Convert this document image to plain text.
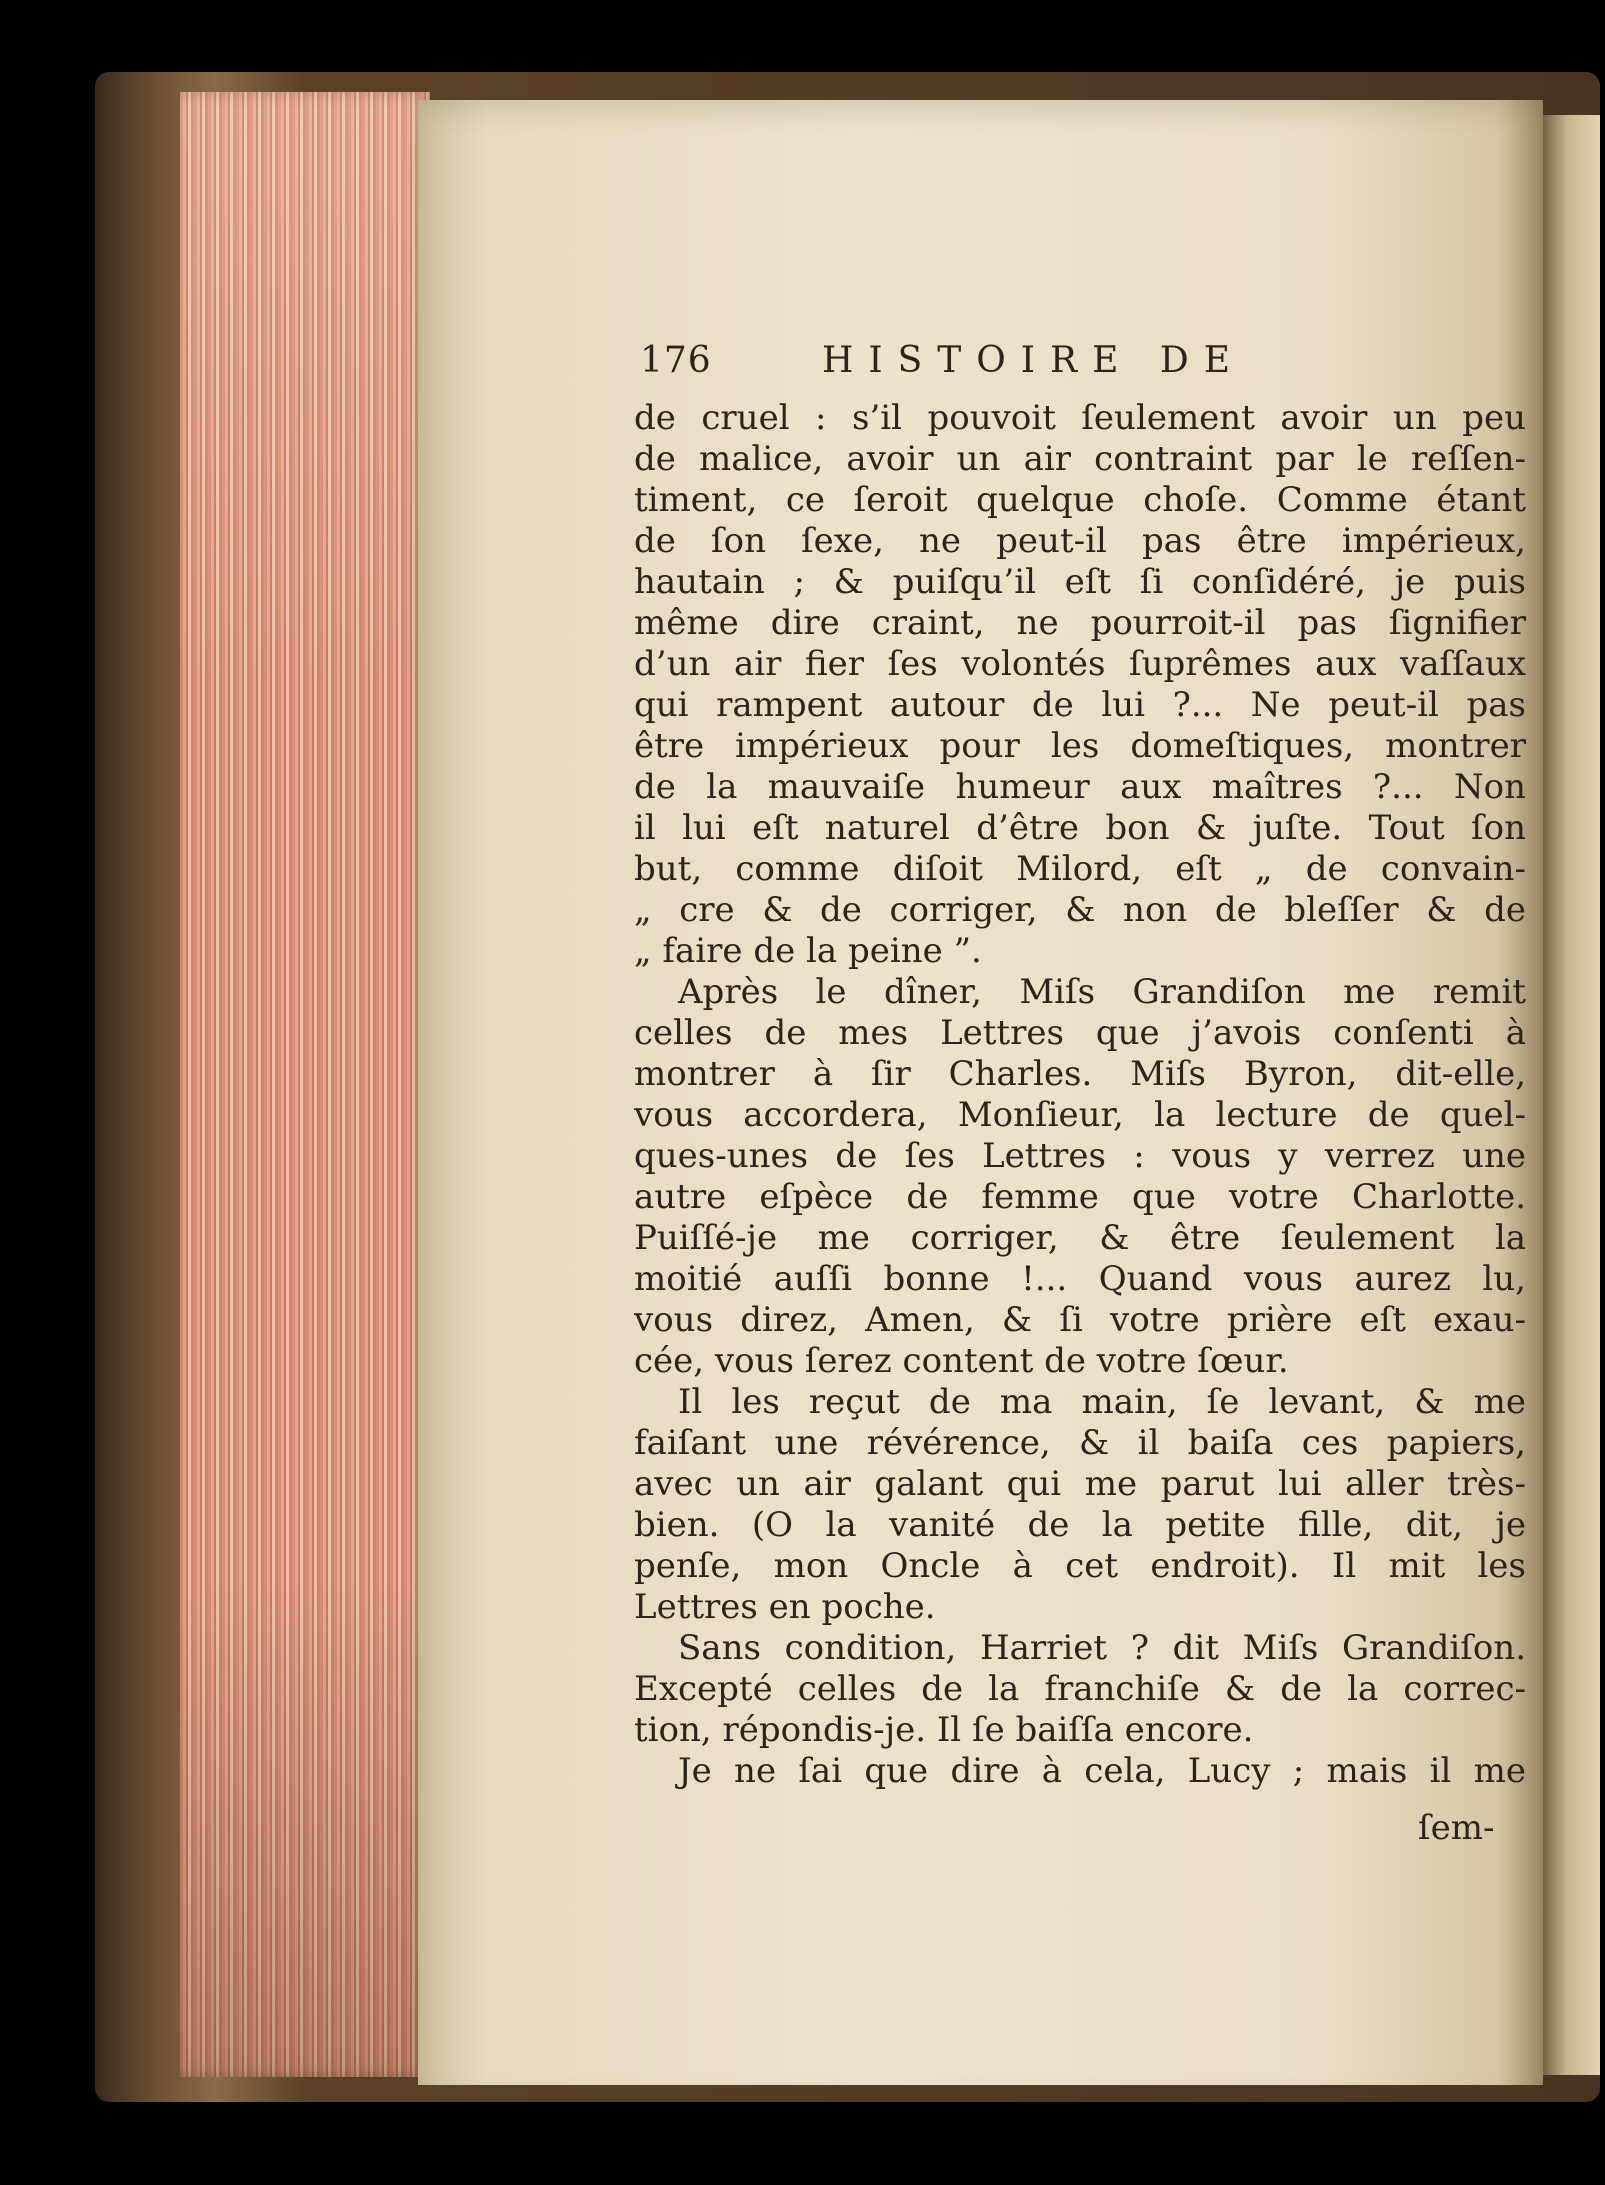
176	HISTOIRE DE
de cruel : s’il pouvoit ſeulement avoir un peu
de malice, avoir un air contraint par le reſſen-
timent, ce ſeroit quelque choſe. Comme étant
de ſon ſexe, ne peut-il pas être impérieux,
hautain ; & puiſqu’il eſt ſi conſidéré, je puis
même dire craint, ne pourroit-il pas ſignifier
d’un air fier ſes volontés ſuprêmes aux vaſſaux
qui rampent autour de lui ?... Ne peut-il pas
être impérieux pour les domeſtiques, montrer
de la mauvaiſe humeur aux maîtres ?... Non
il lui eſt naturel d’être bon & juſte. Tout ſon
but, comme diſoit Milord, eſt „ de convain-
„ cre & de corriger, & non de bleſſer & de
„ faire de la peine ”.
Après le dîner, Miſs Grandiſon me remit
celles de mes Lettres que j’avois conſenti à
montrer à ſir Charles. Miſs Byron, dit-elle,
vous accordera, Monſieur, la lecture de quel-
ques-unes de ſes Lettres : vous y verrez une
autre eſpèce de femme que votre Charlotte.
Puiſſé-je me corriger, & être ſeulement la
moitié auſſi bonne !... Quand vous aurez lu,
vous direz, Amen, & ſi votre prière eſt exau-
cée, vous ſerez content de votre ſœur.
Il les reçut de ma main, ſe levant, & me
faiſant une révérence, & il baiſa ces papiers,
avec un air galant qui me parut lui aller très-
bien. (O la vanité de la petite fille, dit, je
penſe, mon Oncle à cet endroit). Il mit les
Lettres en poche.
Sans condition, Harriet ? dit Miſs Grandiſon.
Excepté celles de la franchiſe & de la correc-
tion, répondis-je. Il ſe baiſſa encore.
Je ne ſai que dire à cela, Lucy ; mais il me
ſem-
